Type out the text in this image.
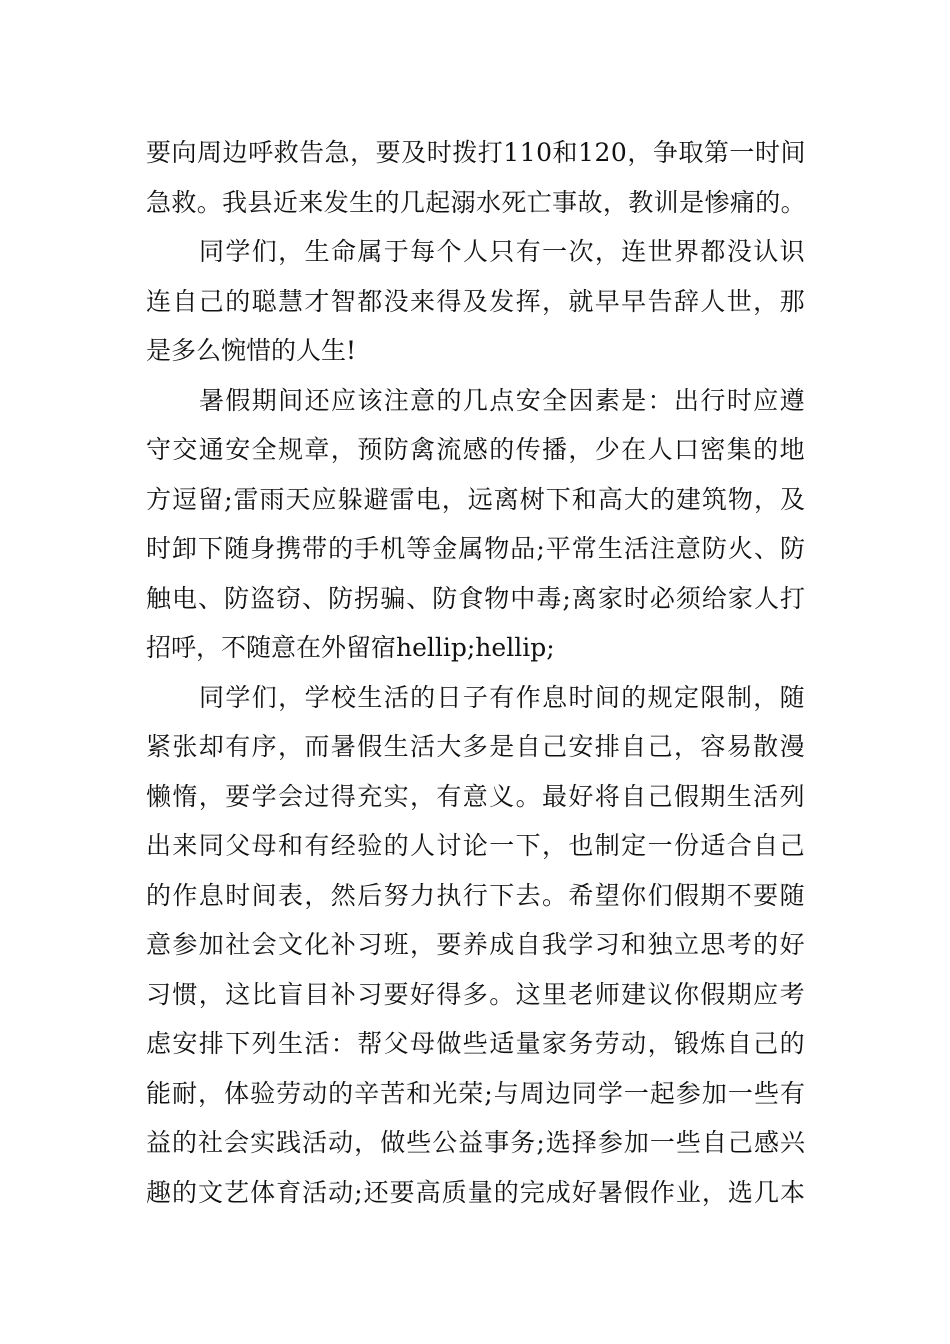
要向周边呼救告急，要及时拨打110和120，争取第一时间
急救。我县近来发生的几起溺水死亡事故，教训是惨痛的。
同学们，生命属于每个人只有一次，连世界都没认识
连自己的聪慧才智都没来得及发挥，就早早告辞人世，那
是多么惋惜的人生!
暑假期间还应该注意的几点安全因素是：出行时应遵
守交通安全规章，预防禽流感的传播，少在人口密集的地
方逗留;雷雨天应躲避雷电，远离树下和高大的建筑物，及
时卸下随身携带的手机等金属物品;平常生活注意防火、防
触电、防盗窃、防拐骗、防食物中毒;离家时必须给家人打
招呼，不随意在外留宿hellip;hellip;
同学们，学校生活的日子有作息时间的规定限制，随
紧张却有序，而暑假生活大多是自己安排自己，容易散漫
懒惰，要学会过得充实，有意义。最好将自己假期生活列
出来同父母和有经验的人讨论一下，也制定一份适合自己
的作息时间表，然后努力执行下去。希望你们假期不要随
意参加社会文化补习班，要养成自我学习和独立思考的好
习惯，这比盲目补习要好得多。这里老师建议你假期应考
虑安排下列生活：帮父母做些适量家务劳动，锻炼自己的
能耐，体验劳动的辛苦和光荣;与周边同学一起参加一些有
益的社会实践活动，做些公益事务;选择参加一些自己感兴
趣的文艺体育活动;还要高质量的完成好暑假作业，选几本
